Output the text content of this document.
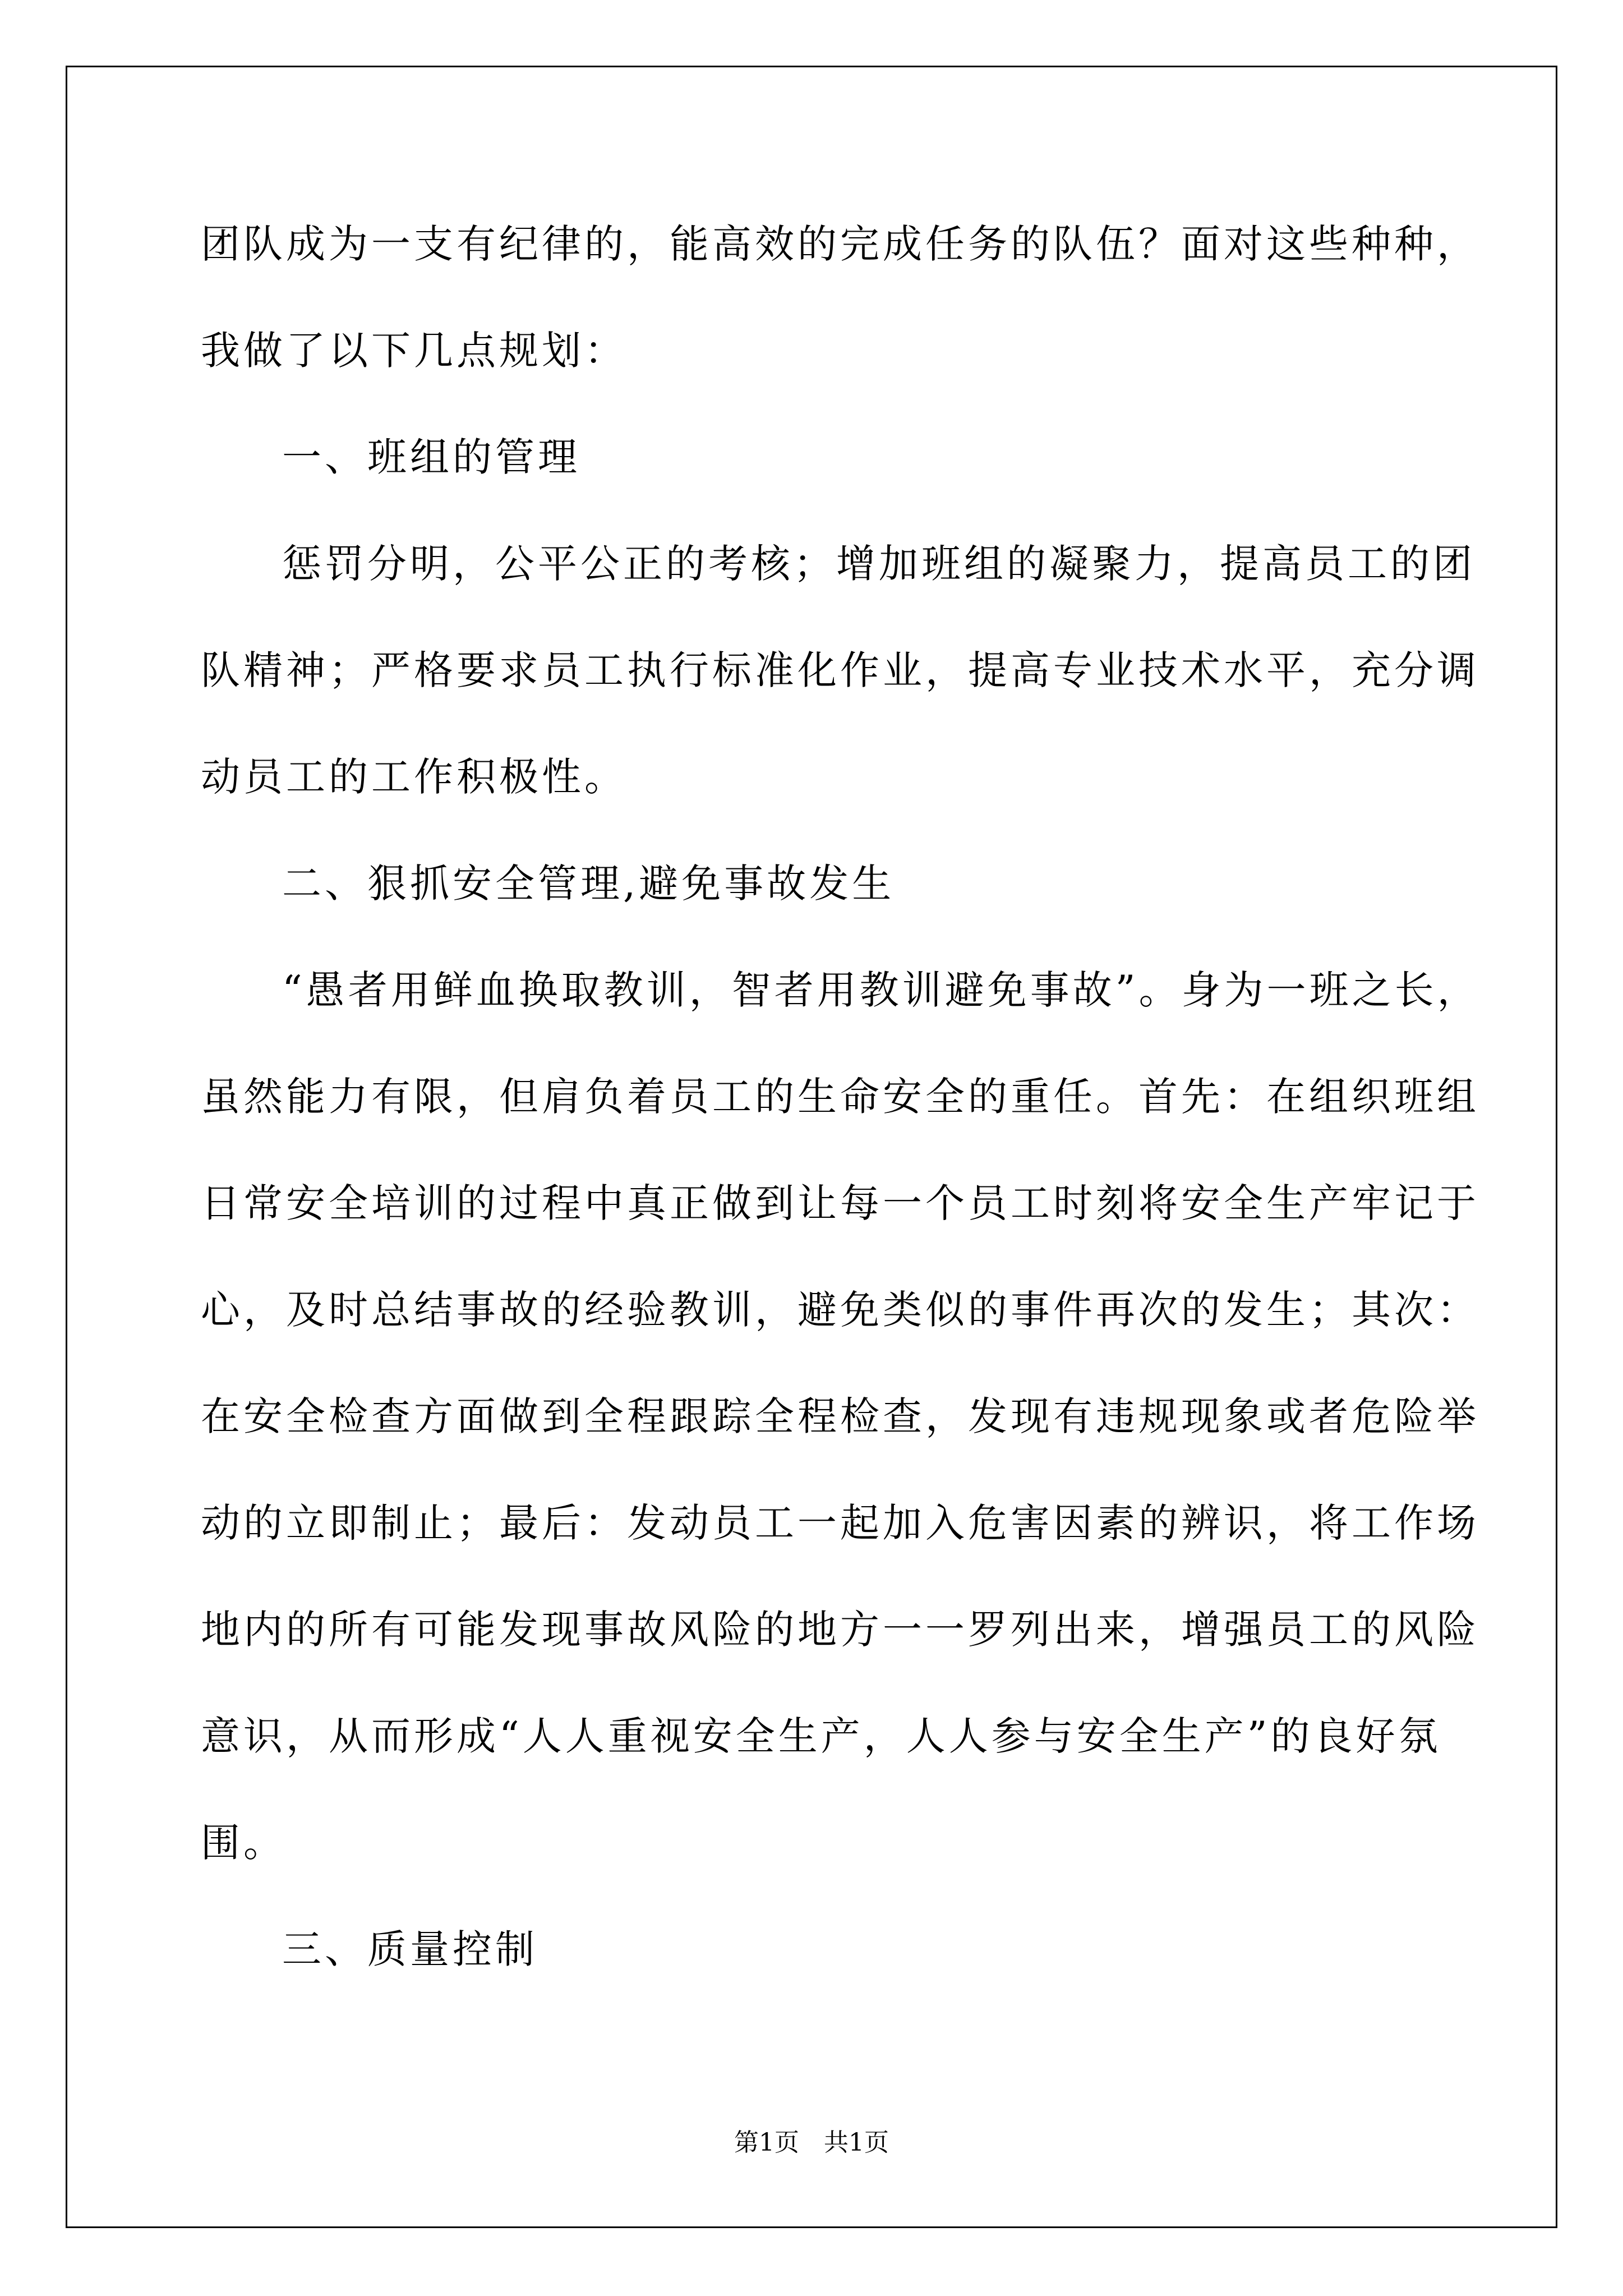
团队成为一支有纪律的，能高效的完成任务的队伍？面对这些种种，
我做了以下几点规划：
一、班组的管理
惩罚分明，公平公正的考核；增加班组的凝聚力，提高员工的团
队精神；严格要求员工执行标准化作业，提高专业技术水平，充分调
动员工的工作积极性。
二、狠抓安全管理,避免事故发生
“愚者用鲜血换取教训，智者用教训避免事故”。身为一班之长，
虽然能力有限，但肩负着员工的生命安全的重任。首先：在组织班组
日常安全培训的过程中真正做到让每一个员工时刻将安全生产牢记于
心，及时总结事故的经验教训，避免类似的事件再次的发生；其次：
在安全检查方面做到全程跟踪全程检查，发现有违规现象或者危险举
动的立即制止；最后：发动员工一起加入危害因素的辨识，将工作场
地内的所有可能发现事故风险的地方一一罗列出来，增强员工的风险
意识，从而形成“人人重视安全生产，人人参与安全生产”的良好氛
围。
三、质量控制
第1页　共1页
